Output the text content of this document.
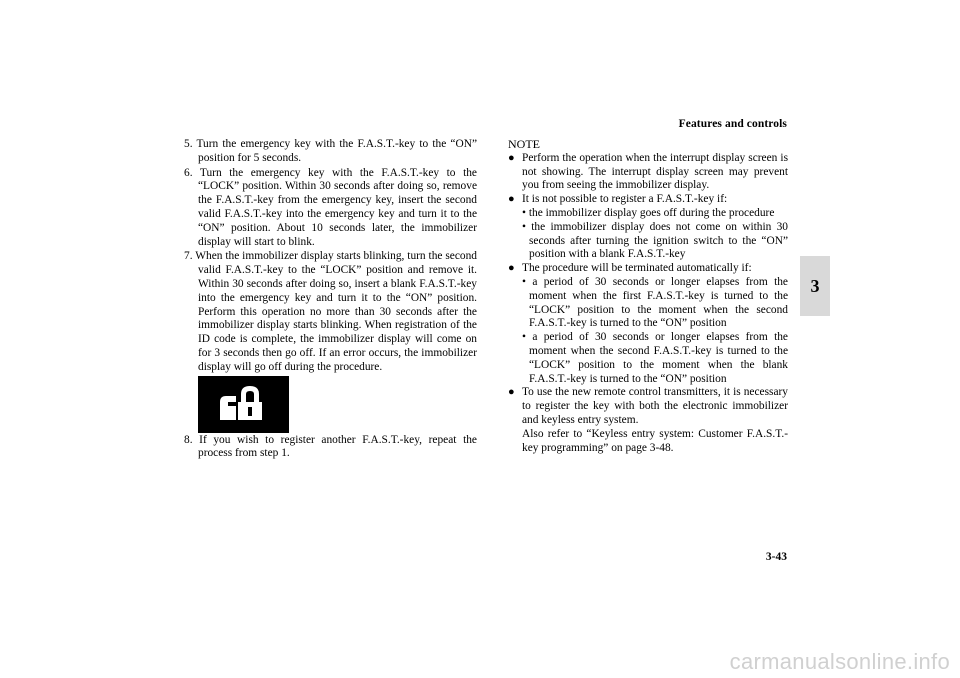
Features and controls
3

5. Turn the emergency key with the F.A.S.T.-key to the “ON” position for 5 seconds.

6. Turn the emergency key with the F.A.S.T.-key to the “LOCK” position. Within 30 seconds after doing so, remove the F.A.S.T.-key from the emergency key, insert the second valid F.A.S.T.-key into the emergency key and turn it to the “ON” position. About 10 seconds later, the immobilizer display will start to blink.

7. When the immobilizer display starts blinking, turn the second valid F.A.S.T.-key to the “LOCK” position and remove it. Within 30 seconds after doing so, insert a blank F.A.S.T.-key into the emergency key and turn it to the “ON” position. Perform this operation no more than 30 seconds after the immobilizer display starts blinking. When registration of the ID code is complete, the immobilizer display will come on for 3 seconds then go off. If an error occurs, the immobilizer display will go off during the procedure.

8. If you wish to register another F.A.S.T.-key, repeat the process from step 1.

NOTE

● Perform the operation when the interrupt display screen is not showing. The interrupt display screen may prevent you from seeing the immobilizer display.

● It is not possible to register a F.A.S.T.-key if:

• the immobilizer display goes off during the procedure

• the immobilizer display does not come on within 30 seconds after turning the ignition switch to the “ON” position with a blank F.A.S.T.-key

● The procedure will be terminated automatically if:

• a period of 30 seconds or longer elapses from the moment when the first F.A.S.T.-key is turned to the “LOCK” position to the moment when the second F.A.S.T.-key is turned to the “ON” position

• a period of 30 seconds or longer elapses from the moment when the second F.A.S.T.-key is turned to the “LOCK” position to the moment when the blank F.A.S.T.-key is turned to the “ON” position

● To use the new remote control transmitters, it is necessary to register the key with both the electronic immobilizer and keyless entry system.

Also refer to “Keyless entry system: Customer F.A.S.T.-key programming” on page 3-48.

3-43
carmanualsonline.info
